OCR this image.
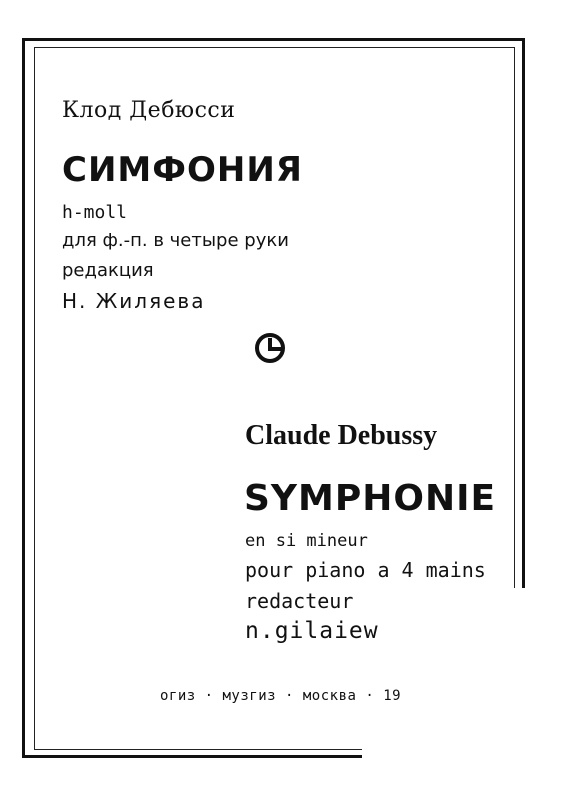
Клод Дебюсси
СИМФОНИЯ
h-moll
для ф.-п. в четыре руки
редакция
Н. Жиляева
Claude Debussy
SYMPHONIE
en si mineur
pour piano a 4 mains
redacteur
n.gilaiew
огиз · музгиз · москва · 19
